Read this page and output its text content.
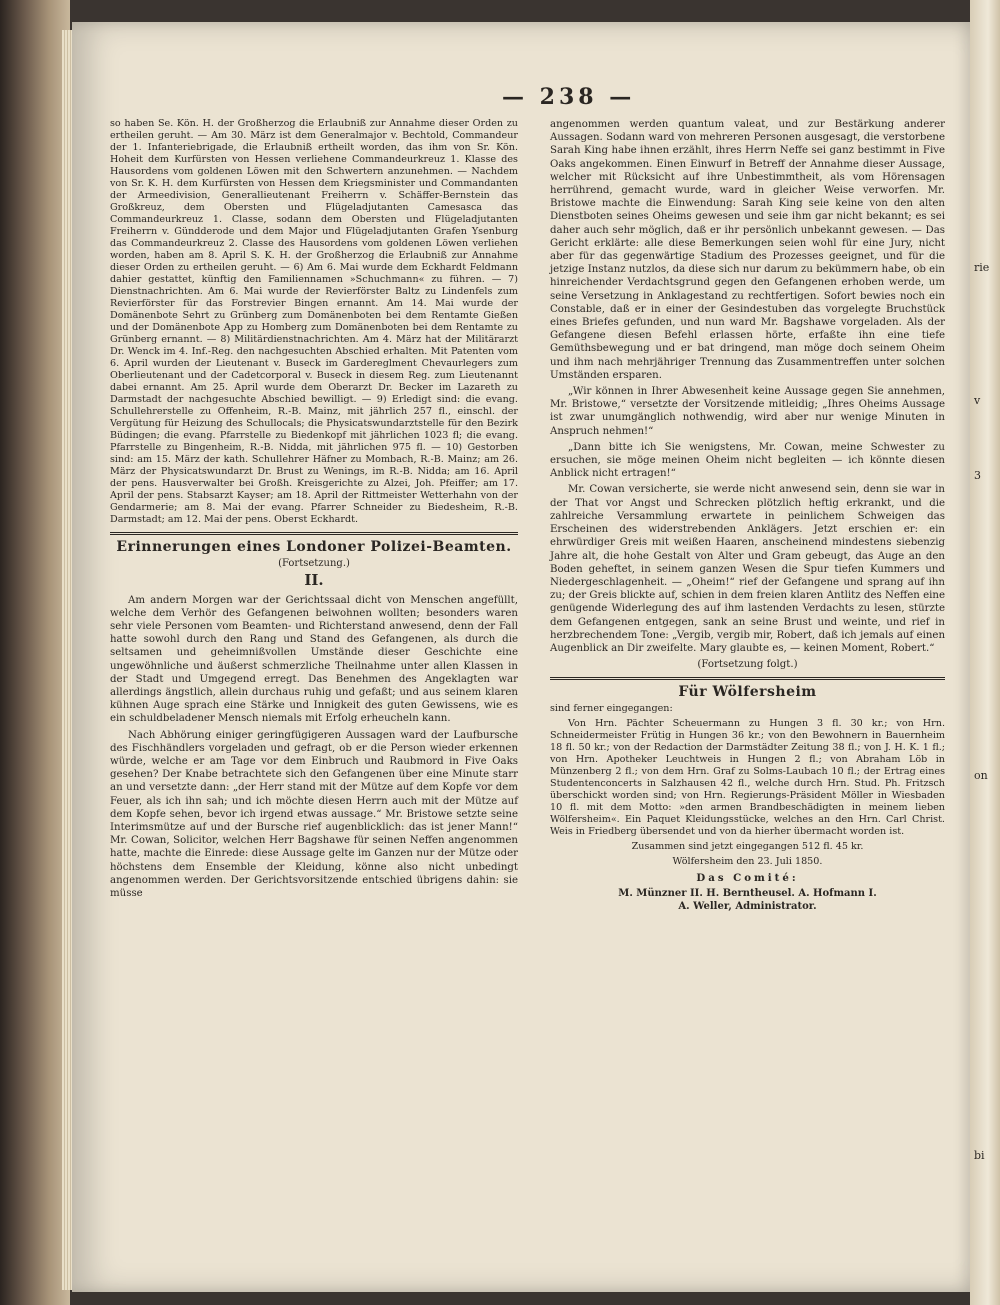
— 238 —

so haben Se. Kön. H. der Großherzog die Erlaubniß zur Annahme dieser Orden zu ertheilen geruht. — Am 30. März ist dem Generalmajor v. Bechtold, Commandeur der 1. Infanteriebrigade, die Erlaubniß ertheilt worden, das ihm von Sr. Kön. Hoheit dem Kurfürsten von Hessen verliehene Commandeurkreuz 1. Klasse des Hausordens vom goldenen Löwen mit den Schwertern anzunehmen. — Nachdem von Sr. K. H. dem Kurfürsten von Hessen dem Kriegsminister und Commandanten der Armeedivision, Generallieutenant Freiherrn v. Schäffer-Bernstein das Großkreuz, dem Obersten und Flügeladjutanten Camesasca das Commandeurkreuz 1. Classe, sodann dem Obersten und Flügeladjutanten Freiherrn v. Gündderode und dem Major und Flügeladjutanten Grafen Ysenburg das Commandeurkreuz 2. Classe des Hausordens vom goldenen Löwen verliehen worden, haben am 8. April S. K. H. der Großherzog die Erlaubniß zur Annahme dieser Orden zu ertheilen geruht. — 6) Am 6. Mai wurde dem Eckhardt Feldmann dahier gestattet, künftig den Familiennamen »Schuchmann« zu führen. — 7) Dienstnachrichten. Am 6. Mai wurde der Revierförster Baltz zu Lindenfels zum Revierförster für das Forstrevier Bingen ernannt. Am 14. Mai wurde der Domänenbote Sehrt zu Grünberg zum Domänenboten bei dem Rentamte Gießen und der Domänenbote App zu Homberg zum Domänenboten bei dem Rentamte zu Grünberg ernannt. — 8) Militärdienstnachrichten. Am 4. März hat der Militärarzt Dr. Wenck im 4. Inf.-Reg. den nachgesuchten Abschied erhalten. Mit Patenten vom 6. April wurden der Lieutenant v. Buseck im Gardereglment Chevaurlegers zum Oberlieutenant und der Cadetcorporal v. Buseck in diesem Reg. zum Lieutenannt dabei ernannt. Am 25. April wurde dem Oberarzt Dr. Becker im Lazareth zu Darmstadt der nachgesuchte Abschied bewilligt. — 9) Erledigt sind: die evang. Schullehrerstelle zu Offenheim, R.-B. Mainz, mit jährlich 257 fl., einschl. der Vergütung für Heizung des Schullocals; die Physicatswundarztstelle für den Bezirk Büdingen; die evang. Pfarrstelle zu Biedenkopf mit jährlichen 1023 fl; die evang. Pfarrstelle zu Bingenheim, R.-B. Nidda, mit jährlichen 975 fl. — 10) Gestorben sind: am 15. März der kath. Schullehrer Häfner zu Mombach, R.-B. Mainz; am 26. März der Physicatswundarzt Dr. Brust zu Wenings, im R.-B. Nidda; am 16. April der pens. Hausverwalter bei Großh. Kreisgerichte zu Alzei, Joh. Pfeiffer; am 17. April der pens. Stabsarzt Kayser; am 18. April der Rittmeister Wetterhahn von der Gendarmerie; am 8. Mai der evang. Pfarrer Schneider zu Biedesheim, R.-B. Darmstadt; am 12. Mai der pens. Oberst Eckhardt.

Erinnerungen eines Londoner Polizei-Beamten.
(Fortsetzung.)
II.

Am andern Morgen war der Gerichtssaal dicht von Menschen angefüllt, welche dem Verhör des Gefangenen beiwohnen wollten; besonders waren sehr viele Personen vom Beamten- und Richterstand anwesend, denn der Fall hatte sowohl durch den Rang und Stand des Gefangenen, als durch die seltsamen und geheimnißvollen Umstände dieser Geschichte eine ungewöhnliche und äußerst schmerzliche Theilnahme unter allen Klassen in der Stadt und Umgegend erregt. Das Benehmen des Angeklagten war allerdings ängstlich, allein durchaus ruhig und gefaßt; und aus seinem klaren kühnen Auge sprach eine Stärke und Innigkeit des guten Gewissens, wie es ein schuldbeladener Mensch niemals mit Erfolg erheucheln kann.

Nach Abhörung einiger geringfügigeren Aussagen ward der Laufbursche des Fischhändlers vorgeladen und gefragt, ob er die Person wieder erkennen würde, welche er am Tage vor dem Einbruch und Raubmord in Five Oaks gesehen? Der Knabe betrachtete sich den Gefangenen über eine Minute starr an und versetzte dann: „der Herr stand mit der Mütze auf dem Kopfe vor dem Feuer, als ich ihn sah; und ich möchte diesen Herrn auch mit der Mütze auf dem Kopfe sehen, bevor ich irgend etwas aussage.“ Mr. Bristowe setzte seine Interimsmütze auf und der Bursche rief augenblicklich: das ist jener Mann!“ Mr. Cowan, Solicitor, welchen Herr Bagshawe für seinen Neffen angenommen hatte, machte die Einrede: diese Aussage gelte im Ganzen nur der Mütze oder höchstens dem Ensemble der Kleidung, könne also nicht unbedingt angenommen werden. Der Gerichtsvorsitzende entschied übrigens dahin: sie müsse

angenommen werden quantum valeat, und zur Bestärkung anderer Aussagen. Sodann ward von mehreren Personen ausgesagt, die verstorbene Sarah King habe ihnen erzählt, ihres Herrn Neffe sei ganz bestimmt in Five Oaks angekommen. Einen Einwurf in Betreff der Annahme dieser Aussage, welcher mit Rücksicht auf ihre Unbestimmtheit, als vom Hörensagen herrührend, gemacht wurde, ward in gleicher Weise verworfen. Mr. Bristowe machte die Einwendung: Sarah King seie keine von den alten Dienstboten seines Oheims gewesen und seie ihm gar nicht bekannt; es sei daher auch sehr möglich, daß er ihr persönlich unbekannt gewesen. — Das Gericht erklärte: alle diese Bemerkungen seien wohl für eine Jury, nicht aber für das gegenwärtige Stadium des Prozesses geeignet, und für die jetzige Instanz nutzlos, da diese sich nur darum zu bekümmern habe, ob ein hinreichender Verdachtsgrund gegen den Gefangenen erhoben werde, um seine Versetzung in Anklagestand zu rechtfertigen. Sofort bewies noch ein Constable, daß er in einer der Gesindestuben das vorgelegte Bruchstück eines Briefes gefunden, und nun ward Mr. Bagshawe vorgeladen. Als der Gefangene diesen Befehl erlassen hörte, erfaßte ihn eine tiefe Gemüthsbewegung und er bat dringend, man möge doch seinem Oheim und ihm nach mehrjähriger Trennung das Zusammentreffen unter solchen Umständen ersparen.

„Wir können in Ihrer Abwesenheit keine Aussage gegen Sie annehmen, Mr. Bristowe,“ versetzte der Vorsitzende mitleidig; „Ihres Oheims Aussage ist zwar unumgänglich nothwendig, wird aber nur wenige Minuten in Anspruch nehmen!“

„Dann bitte ich Sie wenigstens, Mr. Cowan, meine Schwester zu ersuchen, sie möge meinen Oheim nicht begleiten — ich könnte diesen Anblick nicht ertragen!“

Mr. Cowan versicherte, sie werde nicht anwesend sein, denn sie war in der That vor Angst und Schrecken plötzlich heftig erkrankt, und die zahlreiche Versammlung erwartete in peinlichem Schweigen das Erscheinen des widerstrebenden Anklägers. Jetzt erschien er: ein ehrwürdiger Greis mit weißen Haaren, anscheinend mindestens siebenzig Jahre alt, die hohe Gestalt von Alter und Gram gebeugt, das Auge an den Boden geheftet, in seinem ganzen Wesen die Spur tiefen Kummers und Niedergeschlagenheit. — „Oheim!“ rief der Gefangene und sprang auf ihn zu; der Greis blickte auf, schien in dem freien klaren Antlitz des Neffen eine genügende Widerlegung des auf ihm lastenden Verdachts zu lesen, stürzte dem Gefangenen entgegen, sank an seine Brust und weinte, und rief in herzbrechendem Tone: „Vergib, vergib mir, Robert, daß ich jemals auf einen Augenblick an Dir zweifelte. Mary glaubte es, — keinen Moment, Robert.“

(Fortsetzung folgt.)
Für Wölfersheim

sind ferner eingegangen:

Von Hrn. Pächter Scheuermann zu Hungen 3 fl. 30 kr.; von Hrn. Schneidermeister Frütig in Hungen 36 kr.; von den Bewohnern in Bauernheim 18 fl. 50 kr.; von der Redaction der Darmstädter Zeitung 38 fl.; von J. H. K. 1 fl.; von Hrn. Apotheker Leuchtweis in Hungen 2 fl.; von Abraham Löb in Münzenberg 2 fl.; von dem Hrn. Graf zu Solms-Laubach 10 fl.; der Ertrag eines Studentenconcerts in Salzhausen 42 fl., welche durch Hrn. Stud. Ph. Fritzsch überschickt worden sind; von Hrn. Regierungs-Präsident Möller in Wiesbaden 10 fl. mit dem Motto: »den armen Brandbeschädigten in meinem lieben Wölfersheim«. Ein Paquet Kleidungsstücke, welches an den Hrn. Carl Christ. Weis in Friedberg übersendet und von da hierher übermacht worden ist.

Zusammen sind jetzt eingegangen 512 fl. 45 kr.

Wölfersheim den 23. Juli 1850.

Das Comité:
M. Münzner II. H. Berntheusel. A. Hofmann I.
A. Weller, Administrator.
rie
v
3
on
bi
